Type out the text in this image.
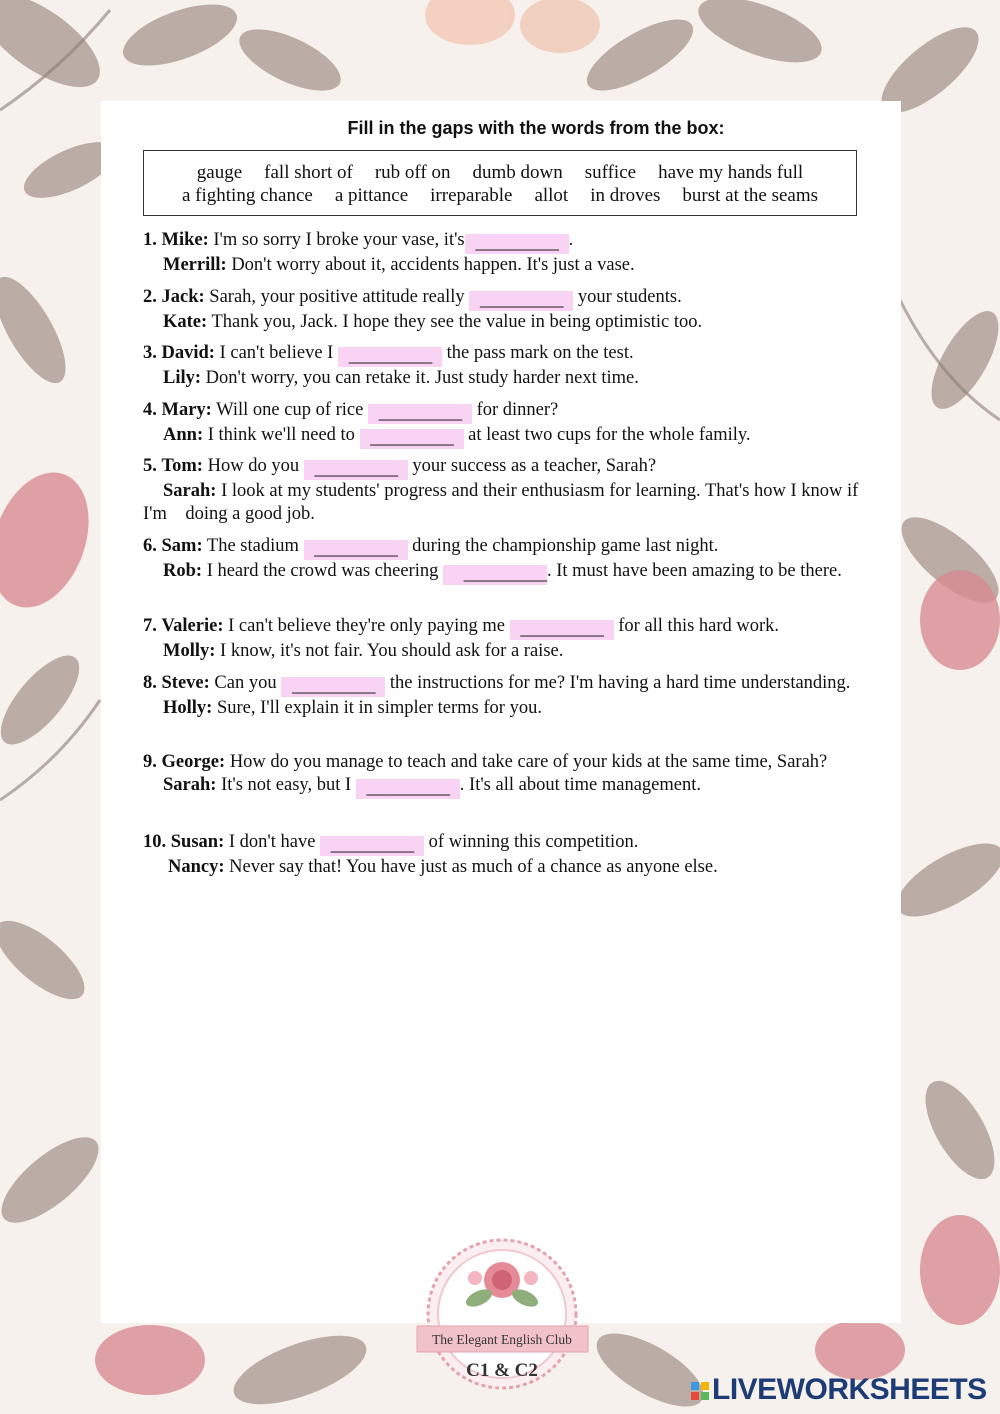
Fill in the gaps with the words from the box:
gauge fall short of rub off on dumb down suffice have my hands full
a fighting chance a pittance irreparable allot in droves burst at the seams
1. Mike: I'm so sorry I broke your vase, it's __________ .
Merrill: Don't worry about it, accidents happen. It's just a vase.
2. Jack: Sarah, your positive attitude really __________ your students.
Kate: Thank you, Jack. I hope they see the value in being optimistic too.
3. David: I can't believe I __________ the pass mark on the test.
Lily: Don't worry, you can retake it. Just study harder next time.
4. Mary: Will one cup of rice __________ for dinner?
Ann: I think we'll need to __________ at least two cups for the whole family.
5. Tom: How do you __________ your success as a teacher, Sarah?
Sarah: I look at my students' progress and their enthusiasm for learning. That's how I know if I'm    doing a good job.
6. Sam: The stadium __________ during the championship game last night.
Rob: I heard the crowd was cheering __________. It must have been amazing to be there.
7. Valerie: I can't believe they're only paying me __________ for all this hard work.
Molly: I know, it's not fair. You should ask for a raise.
8. Steve: Can you __________ the instructions for me? I'm having a hard time understanding.
Holly: Sure, I'll explain it in simpler terms for you.
9. George: How do you manage to teach and take care of your kids at the same time, Sarah?
Sarah: It's not easy, but I __________ . It's all about time management.
10. Susan: I don't have __________ of winning this competition.
Nancy: Never say that! You have just as much of a chance as anyone else.
The Elegant English Club
C1 & C2
LIVEWORKSHEETS
